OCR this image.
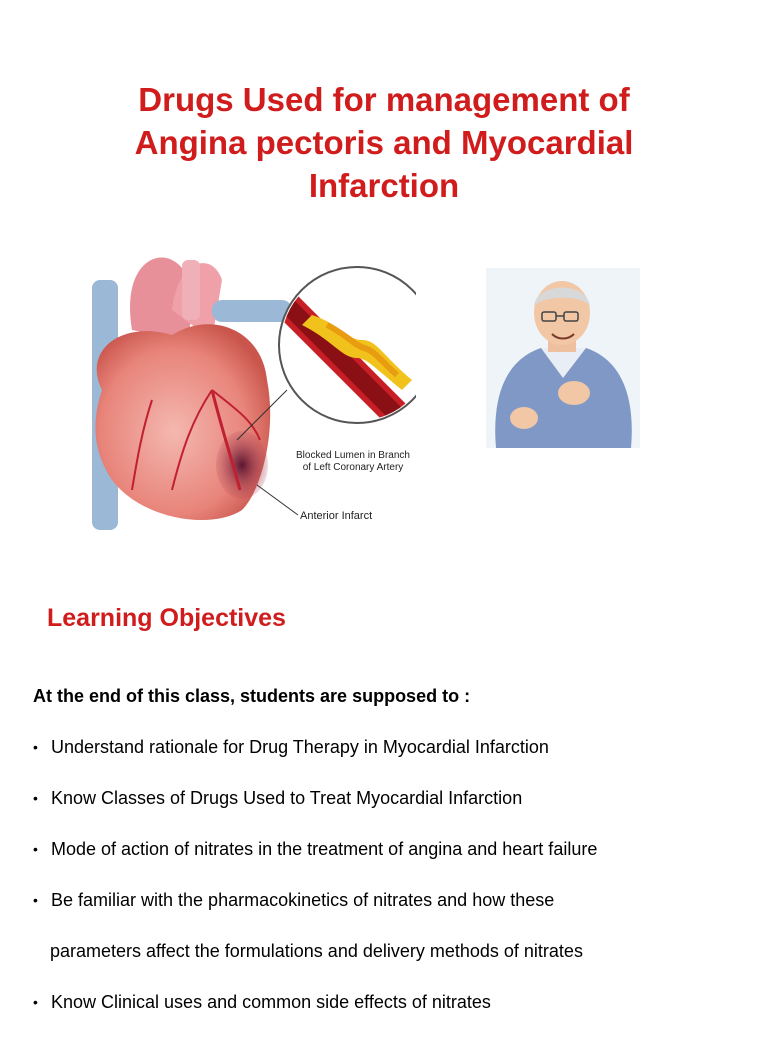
Drugs Used for management of
Angina pectoris and Myocardial
Infarction
Blocked Lumen in Branch
of Left Coronary Artery
Anterior Infarct
Learning Objectives
At the end of this class, students are supposed to :
• Understand rationale for Drug Therapy in Myocardial Infarction
• Know Classes of Drugs Used to Treat Myocardial Infarction
• Mode of action of nitrates in the treatment of angina and heart failure
• Be familiar with the pharmacokinetics of nitrates and how these
parameters affect the formulations and delivery methods of nitrates
• Know Clinical uses and common side effects of nitrates
